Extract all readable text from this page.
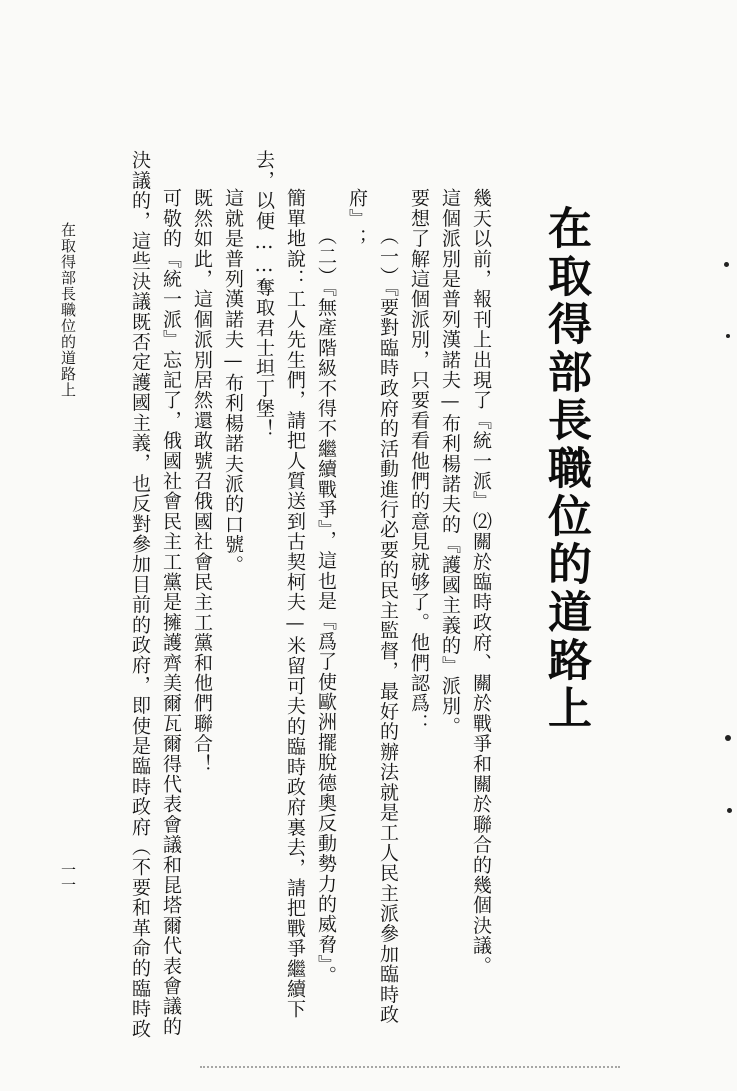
在取得部長職位的道路上
幾天以前，報刊上出現了『統一派』⑵關於臨時政府、關於戰爭和關於聯合的幾個決議。
這個派別是普列漢諾夫—布利楊諾夫的『護國主義的』派別。
要想了解這個派別，只要看看他們的意見就够了。他們認爲：
（一）『要對臨時政府的活動進行必要的民主監督，最好的辦法就是工人民主派參加臨時政
府』；
（二）『無產階級不得不繼續戰爭』，這也是『爲了使歐洲擺脫德奧反動勢力的威脅』。
簡單地說：工人先生們，請把人質送到古契柯夫—米留可夫的臨時政府裏去，請把戰爭繼續下
去，以便……奪取君士坦丁堡！
這就是普列漢諾夫—布利楊諾夫派的口號。
既然如此，這個派別居然還敢號召俄國社會民主工黨和他們聯合！
可敬的『統一派』忘記了，俄國社會民主工黨是擁護齊美爾瓦爾得代表會議和昆塔爾代表會議的
決議的，這些決議既否定護國主義，也反對參加目前的政府，即使是臨時政府（不要和革命的臨時政
在取得部長職位的道路上
一一
